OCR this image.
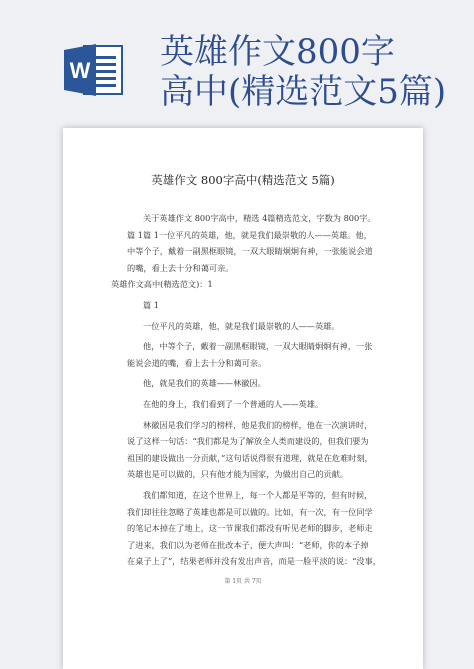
W 英雄作文800字
高中(精选范文5篇)
英雄作文 800字高中(精选范文 5篇)

关于英雄作文 800字高中，精选 4篇精选范文，字数为 800字。

篇 1篇 1一位平凡的英雄，他，就是我们最崇敬的人——英雄。他，

中等个子，戴着一副黑框眼镜，一双大眼睛炯炯有神，一张能说会道

的嘴，看上去十分和蔼可亲。

英雄作文高中(精选范文)：1

篇 1

一位平凡的英雄，他，就是我们最崇敬的人——英雄。

他，中等个子，戴着一副黑框眼镜，一双大眼睛炯炯有神，一张

能说会道的嘴，看上去十分和蔼可亲。

他，就是我们的英雄——林徽因。

在他的身上，我们看到了一个普通的人——英雄。

林徽因是我们学习的榜样，他是我们的榜样，他在一次演讲时，

说了这样一句话：“我们都是为了解放全人类而建设的，但我们要为

祖国的建设做出一分贡献，”这句话说得很有道理，就是在危难时刻，

英雄也是可以做的，只有他才能为国家，为做出自己的贡献。

我们都知道，在这个世界上，每一个人都是平等的，但有时候，

我们却往往忽略了英雄也都是可以做的。比如，有一次，有一位同学

的笔记本掉在了地上，这一节课我们都没有听见老师的脚步，老师走

了进来，我们以为老师在批改本子，便大声叫：“老师，你的本子掉

在桌子上了”，结果老师并没有发出声音，而是一脸平淡的说：“没事，

第 1页 共 7页
